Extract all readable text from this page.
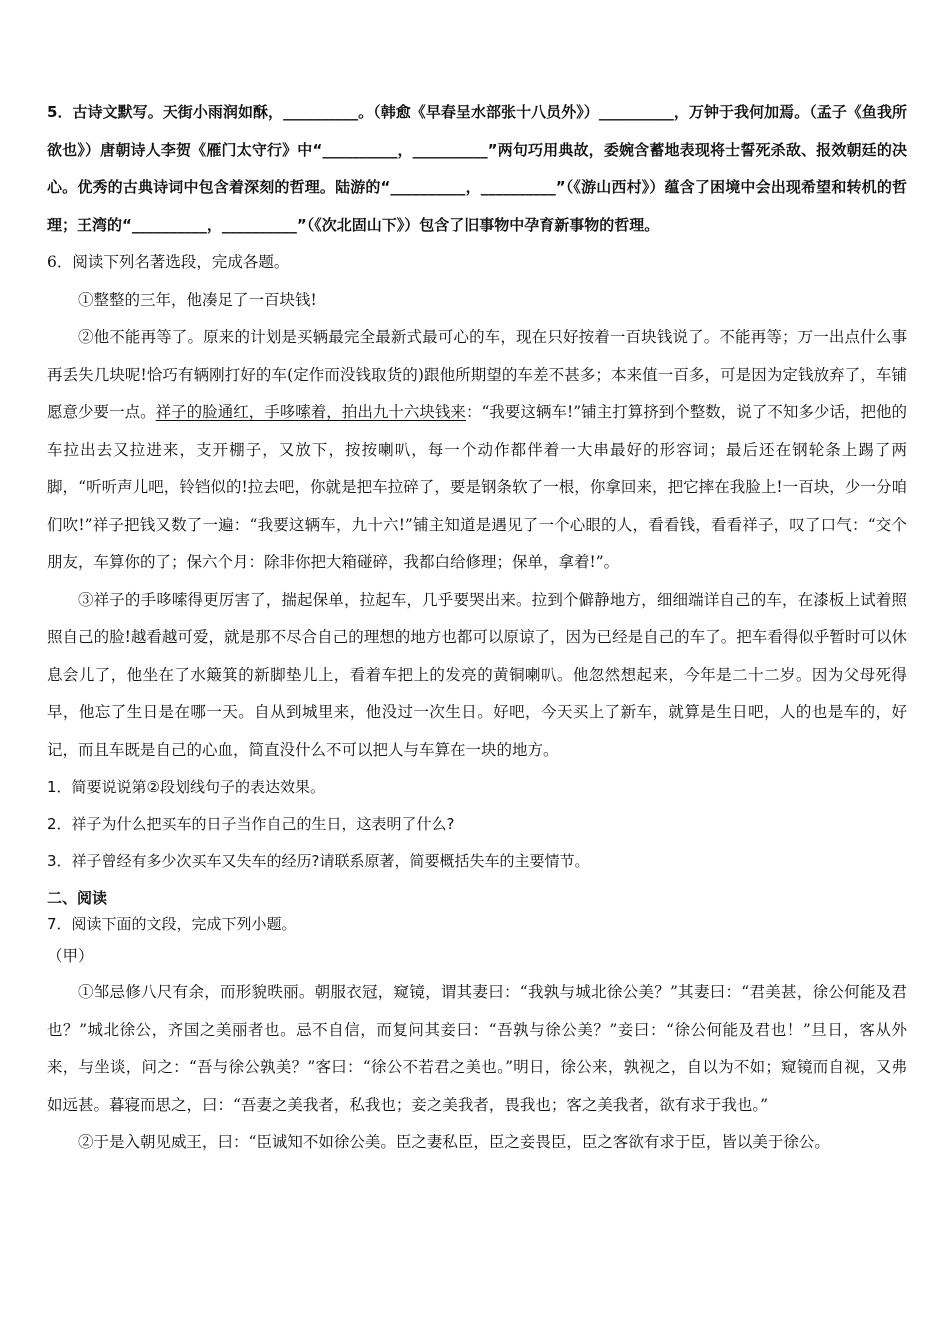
5．古诗文默写。天街小雨润如酥，__________。（韩愈《早春呈水部张十八员外》）__________，万钟于我何加焉。（孟子《鱼我所欲也》）唐朝诗人李贺《雁门太守行》中“__________，__________”两句巧用典故，委婉含蓄地表现将士誓死杀敌、报效朝廷的决心。优秀的古典诗词中包含着深刻的哲理。陆游的“__________，__________”（《游山西村》）蕴含了困境中会出现希望和转机的哲理；王湾的“__________，__________”（《次北固山下》）包含了旧事物中孕育新事物的哲理。

6．阅读下列名著选段，完成各题。

①整整的三年，他凑足了一百块钱!

②他不能再等了。原来的计划是买辆最完全最新式最可心的车，现在只好按着一百块钱说了。不能再等；万一出点什么事再丢失几块呢!恰巧有辆刚打好的车(定作而没钱取货的)跟他所期望的车差不甚多；本来值一百多，可是因为定钱放弃了，车铺愿意少要一点。祥子的脸通红，手哆嗦着，拍出九十六块钱来：“我要这辆车!”铺主打算挤到个整数，说了不知多少话，把他的车拉出去又拉进来，支开棚子，又放下，按按喇叭，每一个动作都伴着一大串最好的形容词；最后还在钢轮条上踢了两脚，“听听声儿吧，铃铛似的!拉去吧，你就是把车拉碎了，要是钢条软了一根，你拿回来，把它摔在我脸上!一百块，少一分咱们吹!”祥子把钱又数了一遍：“我要这辆车，九十六!”铺主知道是遇见了一个心眼的人，看看钱，看看祥子，叹了口气：“交个朋友，车算你的了；保六个月：除非你把大箱碰碎，我都白给修理；保单，拿着!”。

③祥子的手哆嗦得更厉害了，揣起保单，拉起车，几乎要哭出来。拉到个僻静地方，细细端详自己的车，在漆板上试着照照自己的脸!越看越可爱，就是那不尽合自己的理想的地方也都可以原谅了，因为已经是自己的车了。把车看得似乎暂时可以休息会儿了，他坐在了水簸箕的新脚垫儿上，看着车把上的发亮的黄铜喇叭。他忽然想起来，今年是二十二岁。因为父母死得早，他忘了生日是在哪一天。自从到城里来，他没过一次生日。好吧，今天买上了新车，就算是生日吧，人的也是车的，好记，而且车既是自己的心血，简直没什么不可以把人与车算在一块的地方。

1．简要说说第②段划线句子的表达效果。

2．祥子为什么把买车的日子当作自己的生日，这表明了什么?

3．祥子曾经有多少次买车又失车的经历?请联系原著，简要概括失车的主要情节。

二、阅读

7．阅读下面的文段，完成下列小题。

（甲）

①邹忌修八尺有余，而形貌昳丽。朝服衣冠，窥镜，谓其妻曰：“我孰与城北徐公美？”其妻曰：“君美甚，徐公何能及君也？”城北徐公，齐国之美丽者也。忌不自信，而复问其妾曰：“吾孰与徐公美？”妾曰：“徐公何能及君也！”旦日，客从外来，与坐谈，问之：“吾与徐公孰美？”客曰：“徐公不若君之美也。”明日，徐公来，孰视之，自以为不如；窥镜而自视，又弗如远甚。暮寝而思之，曰：“吾妻之美我者，私我也；妾之美我者，畏我也；客之美我者，欲有求于我也。”

②于是入朝见威王，曰：“臣诚知不如徐公美。臣之妻私臣，臣之妾畏臣，臣之客欲有求于臣，皆以美于徐公。
